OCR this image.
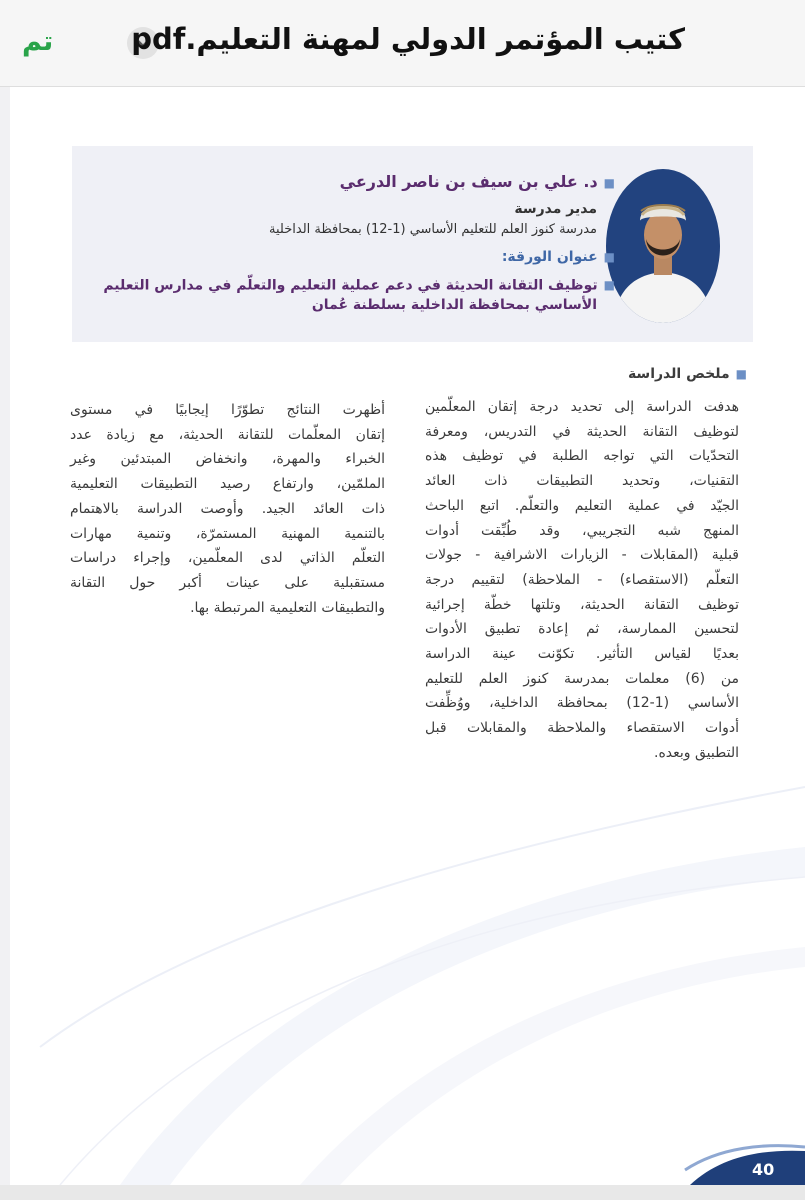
تم	كتيب المؤتمر الدولي لمهنة التعليم.pdf

■د. علي بن سيف بن ناصر الدرعي

مدير مدرسة

مدرسة كنوز العلم للتعليم الأساسي (1-12) بمحافظة الداخلية

■عنوان الورقة:

■توظيف التقانة الحديثة في دعم عملية التعليم والتعلّم في مدارس التعليم
الأساسي بمحافظة الداخلية بسلطنة عُمان

■ملخص الدراسة
هدفت الدراسة إلى تحديد درجة إتقان المعلّمين
لتوظيف التقانة الحديثة في التدريس، ومعرفة
التحدّيات التي تواجه الطلبة في توظيف هذه
التقنيات، وتحديد التطبيقات ذات العائد
الجيّد في عملية التعليم والتعلّم. اتبع الباحث
المنهج شبه التجريبي، وقد طُبِّقت أدوات
قبلية (المقابلات - الزيارات الاشرافية - جولات
التعلّم (الاستقصاء) - الملاحظة) لتقييم درجة
توظيف التقانة الحديثة، وتلتها خطّة إجرائية
لتحسين الممارسة، ثم إعادة تطبيق الأدوات
بعديًا لقياس التأثير. تكوّنت عينة الدراسة
من (6) معلمات بمدرسة كنوز العلم للتعليم
الأساسي (1-12) بمحافظة الداخلية، ووُظِّفت
أدوات الاستقصاء والملاحظة والمقابلات قبل
التطبيق وبعده.
أظهرت النتائج تطوّرًا إيجابيًا في مستوى
إتقان المعلّمات للتقانة الحديثة، مع زيادة عدد
الخبراء والمهرة، وانخفاض المبتدئين وغير
الملمّين، وارتفاع رصيد التطبيقات التعليمية
ذات العائد الجيد. وأوصت الدراسة بالاهتمام
بالتنمية المهنية المستمرّة، وتنمية مهارات
التعلّم الذاتي لدى المعلّمين، وإجراء دراسات
مستقبلية على عينات أكبر حول التقانة
والتطبيقات التعليمية المرتبطة بها.
40
